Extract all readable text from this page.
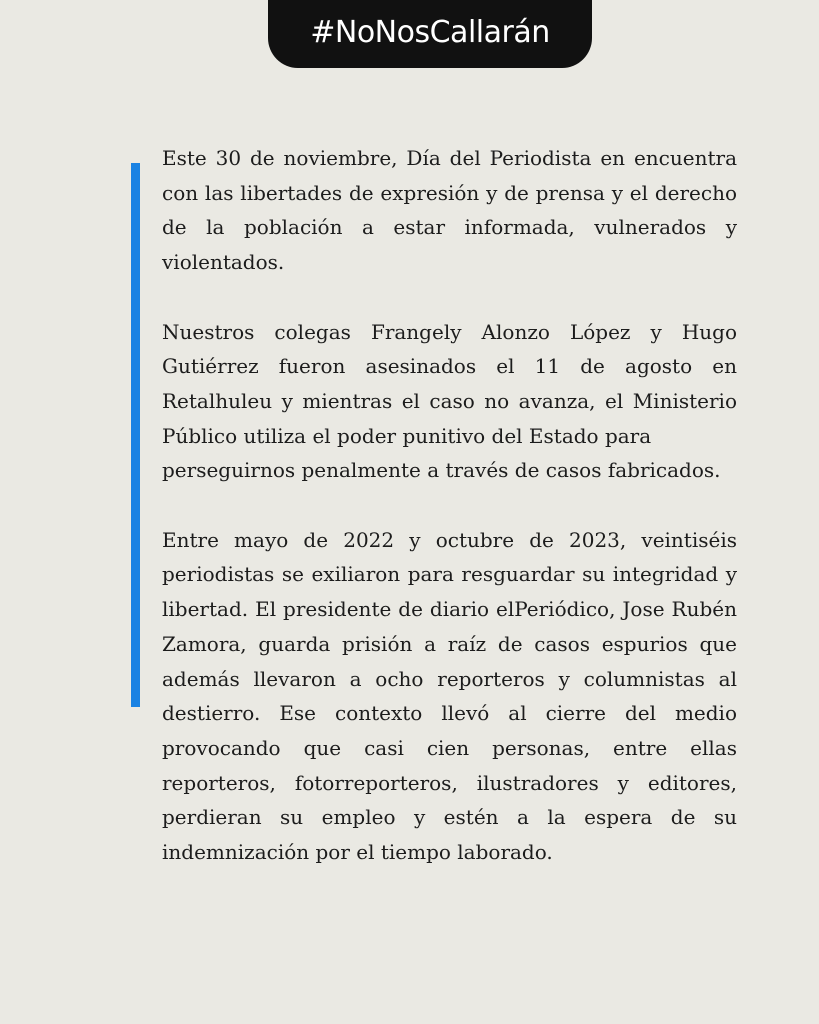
#NoNosCallarán

Este 30 de noviembre, Día del Periodista en encuentra con las libertades de expresión y de prensa y el derecho de la población a estar informada, vulnerados y violentados.

Nuestros colegas Frangely Alonzo López y Hugo Gutiérrez fueron asesinados el 11 de agosto en Retalhuleu y mientras el caso no avanza, el Ministerio Público utiliza el poder punitivo del Estado para
perseguirnos penalmente a través de casos fabricados.

Entre mayo de 2022 y octubre de 2023, veintiséis periodistas se exiliaron para resguardar su integridad y libertad. El presidente de diario elPeriódico, Jose Rubén Zamora, guarda prisión a raíz de casos espurios que además llevaron a ocho reporteros y columnistas al destierro. Ese contexto llevó al cierre del medio provocando que casi cien personas, entre ellas reporteros, fotorreporteros, ilustradores y editores, perdieran su empleo y estén a la espera de su indemnización por el tiempo laborado.
